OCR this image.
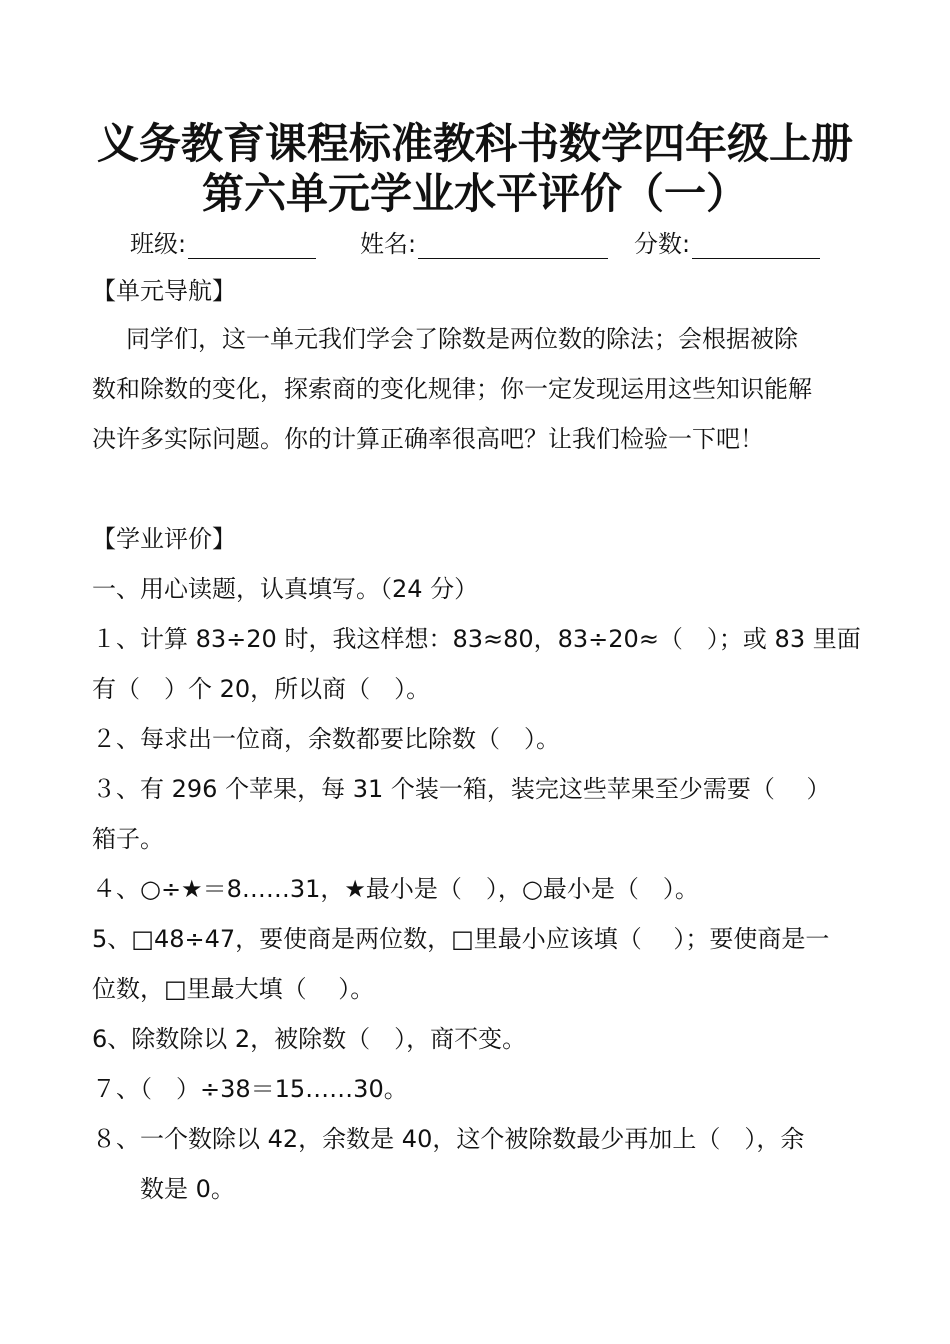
义务教育课程标准教科书数学四年级上册
第六单元学业水平评价（一）
班级:	姓名:	分数:
【单元导航】
同学们，这一单元我们学会了除数是两位数的除法；会根据被除
数和除数的变化，探索商的变化规律；你一定发现运用这些知识能解
决许多实际问题。你的计算正确率很高吧？让我们检验一下吧！
【学业评价】
一、用心读题，认真填写。（24 分）
１、计算 83÷20 时，我这样想：83≈80，83÷20≈（　）；或 83 里面
有（　）个 20，所以商（　）。
２、每求出一位商，余数都要比除数（　）。
３、有 296 个苹果，每 31 个装一箱，装完这些苹果至少需要（　 ）
箱子。
４、○÷★＝8……31，★最小是（　），○最小是（　）。
5、□48÷47，要使商是两位数，□里最小应该填（　 ）；要使商是一
位数，□里最大填（　 ）。
6、除数除以 2，被除数（　），商不变。
７、（　）÷38＝15……30。
８、一个数除以 42，余数是 40，这个被除数最少再加上（　），余
数是 0。
